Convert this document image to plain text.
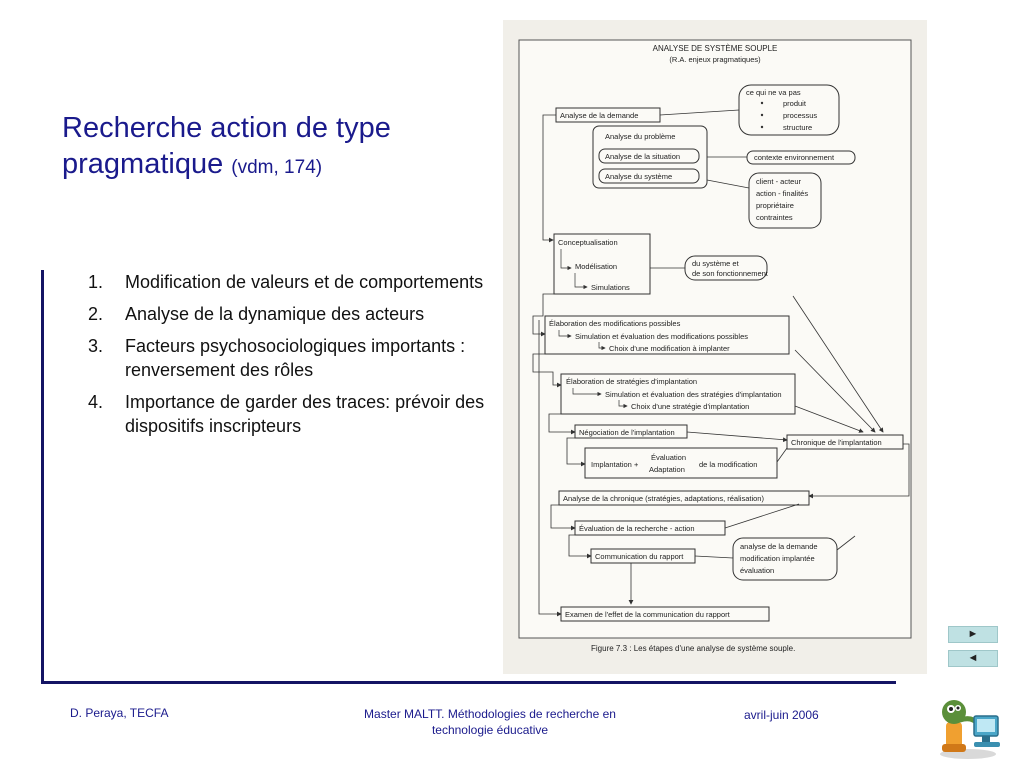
Recherche action de type pragmatique (vdm, 174)
1. Modification de valeurs et de comportements
2. Analyse de la dynamique des acteurs
3. Facteurs psychosociologiques importants : renversement des rôles
4. Importance de garder des traces: prévoir des dispositifs inscripteurs
ANALYSE DE SYSTÈME SOUPLE
(R.A. enjeux pragmatiques)
ce qui ne va pas
produit
processus
structure
Analyse de la demande
Analyse du problème
Analyse de la situation
Analyse du système
contexte environnement
client - acteur
action - finalités
propriétaire
contraintes
Conceptualisation
Modélisation
Simulations
du système et
de son fonctionnement
Élaboration des modifications possibles
Simulation et évaluation des modifications possibles
Choix d'une modification à implanter
Élaboration de stratégies d'implantation
Simulation et évaluation des stratégies d'implantation
Choix d'une stratégie d'implantation
Négociation de l'implantation
Chronique de l'implantation
Implantation +
Évaluation
Adaptation
de la modification
Analyse de la chronique (stratégies, adaptations, réalisation)
Évaluation de la recherche - action
Communication du rapport
analyse de la demande
modification implantée
évaluation
Examen de l'effet de la communication du rapport
Figure 7.3 : Les étapes d'une analyse de système souple.
D. Peraya, TECFA	Master MALTT. Méthodologies de recherche en
technologie éducative
avril-juin 2006
►
◄
